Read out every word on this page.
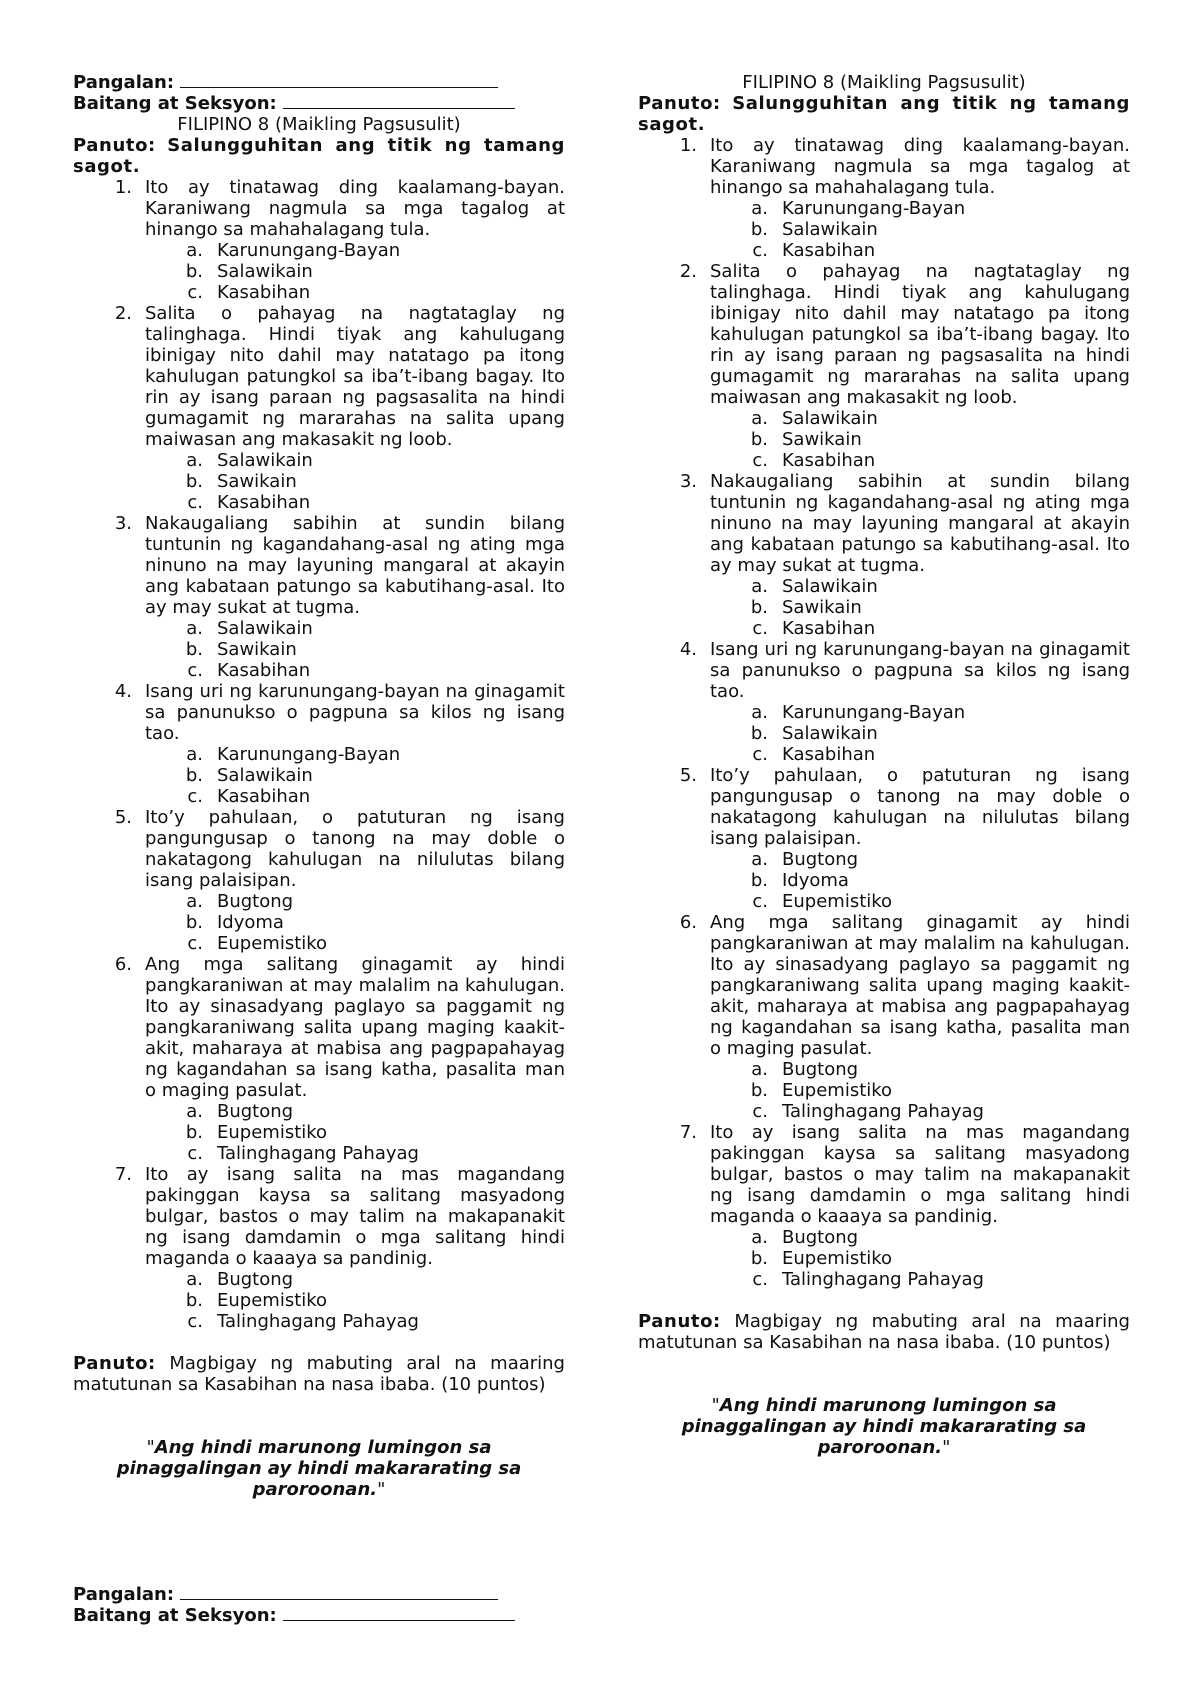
Pangalan:
Baitang at Seksyon:
FILIPINO 8 (Maikling Pagsusulit)
Panuto: Salungguhitan ang titik ng tamang sagot.
1. Ito ay tinatawag ding kaalamang-bayan. Karaniwang nagmula sa mga tagalog at hinango sa mahahalagang tula.
a. Karunungang-Bayan
b. Salawikain
c. Kasabihan
2. Salita o pahayag na nagtataglay ng talinghaga. Hindi tiyak ang kahulugang ibinigay nito dahil may natatago pa itong kahulugan patungkol sa iba’t-ibang bagay. Ito rin ay isang paraan ng pagsasalita na hindi gumagamit ng mararahas na salita upang maiwasan ang makasakit ng loob.
a. Salawikain
b. Sawikain
c. Kasabihan
3. Nakaugaliang sabihin at sundin bilang tuntunin ng kagandahang-asal ng ating mga ninuno na may layuning mangaral at akayin ang kabataan patungo sa kabutihang-asal. Ito ay may sukat at tugma.
a. Salawikain
b. Sawikain
c. Kasabihan
4. Isang uri ng karunungang-bayan na ginagamit sa panunukso o pagpuna sa kilos ng isang tao.
a. Karunungang-Bayan
b. Salawikain
c. Kasabihan
5. Ito’y pahulaan, o patuturan ng isang pangungusap o tanong na may doble o nakatagong kahulugan na nilulutas bilang isang palaisipan.
a. Bugtong
b. Idyoma
c. Eupemistiko
6. Ang mga salitang ginagamit ay hindi pangkaraniwan at may malalim na kahulugan. Ito ay sinasadyang paglayo sa paggamit ng pangkaraniwang salita upang maging kaakit-akit, maharaya at mabisa ang pagpapahayag ng kagandahan sa isang katha, pasalita man o maging pasulat.
a. Bugtong
b. Eupemistiko
c. Talinghagang Pahayag
7. Ito ay isang salita na mas magandang pakinggan kaysa sa salitang masyadong bulgar, bastos o may talim na makapanakit ng isang damdamin o mga salitang hindi maganda o kaaaya sa pandinig.
a. Bugtong
b. Eupemistiko
c. Talinghagang Pahayag
Panuto: Magbigay ng mabuting aral na maaring matutunan sa Kasabihan na nasa ibaba. (10 puntos)
"Ang hindi marunong lumingon sa pinaggalingan ay hindi makararating sa paroroonan."
FILIPINO 8 (Maikling Pagsusulit)
Panuto: Salungguhitan ang titik ng tamang sagot.
1. Ito ay tinatawag ding kaalamang-bayan. Karaniwang nagmula sa mga tagalog at hinango sa mahahalagang tula.
a. Karunungang-Bayan
b. Salawikain
c. Kasabihan
2. Salita o pahayag na nagtataglay ng talinghaga. Hindi tiyak ang kahulugang ibinigay nito dahil may natatago pa itong kahulugan patungkol sa iba’t-ibang bagay. Ito rin ay isang paraan ng pagsasalita na hindi gumagamit ng mararahas na salita upang maiwasan ang makasakit ng loob.
a. Salawikain
b. Sawikain
c. Kasabihan
3. Nakaugaliang sabihin at sundin bilang tuntunin ng kagandahang-asal ng ating mga ninuno na may layuning mangaral at akayin ang kabataan patungo sa kabutihang-asal. Ito ay may sukat at tugma.
a. Salawikain
b. Sawikain
c. Kasabihan
4. Isang uri ng karunungang-bayan na ginagamit sa panunukso o pagpuna sa kilos ng isang tao.
a. Karunungang-Bayan
b. Salawikain
c. Kasabihan
5. Ito’y pahulaan, o patuturan ng isang pangungusap o tanong na may doble o nakatagong kahulugan na nilulutas bilang isang palaisipan.
a. Bugtong
b. Idyoma
c. Eupemistiko
6. Ang mga salitang ginagamit ay hindi pangkaraniwan at may malalim na kahulugan. Ito ay sinasadyang paglayo sa paggamit ng pangkaraniwang salita upang maging kaakit-akit, maharaya at mabisa ang pagpapahayag ng kagandahan sa isang katha, pasalita man o maging pasulat.
a. Bugtong
b. Eupemistiko
c. Talinghagang Pahayag
7. Ito ay isang salita na mas magandang pakinggan kaysa sa salitang masyadong bulgar, bastos o may talim na makapanakit ng isang damdamin o mga salitang hindi maganda o kaaaya sa pandinig.
a. Bugtong
b. Eupemistiko
c. Talinghagang Pahayag
Panuto: Magbigay ng mabuting aral na maaring matutunan sa Kasabihan na nasa ibaba. (10 puntos)
"Ang hindi marunong lumingon sa pinaggalingan ay hindi makararating sa paroroonan."
Pangalan:
Baitang at Seksyon:
